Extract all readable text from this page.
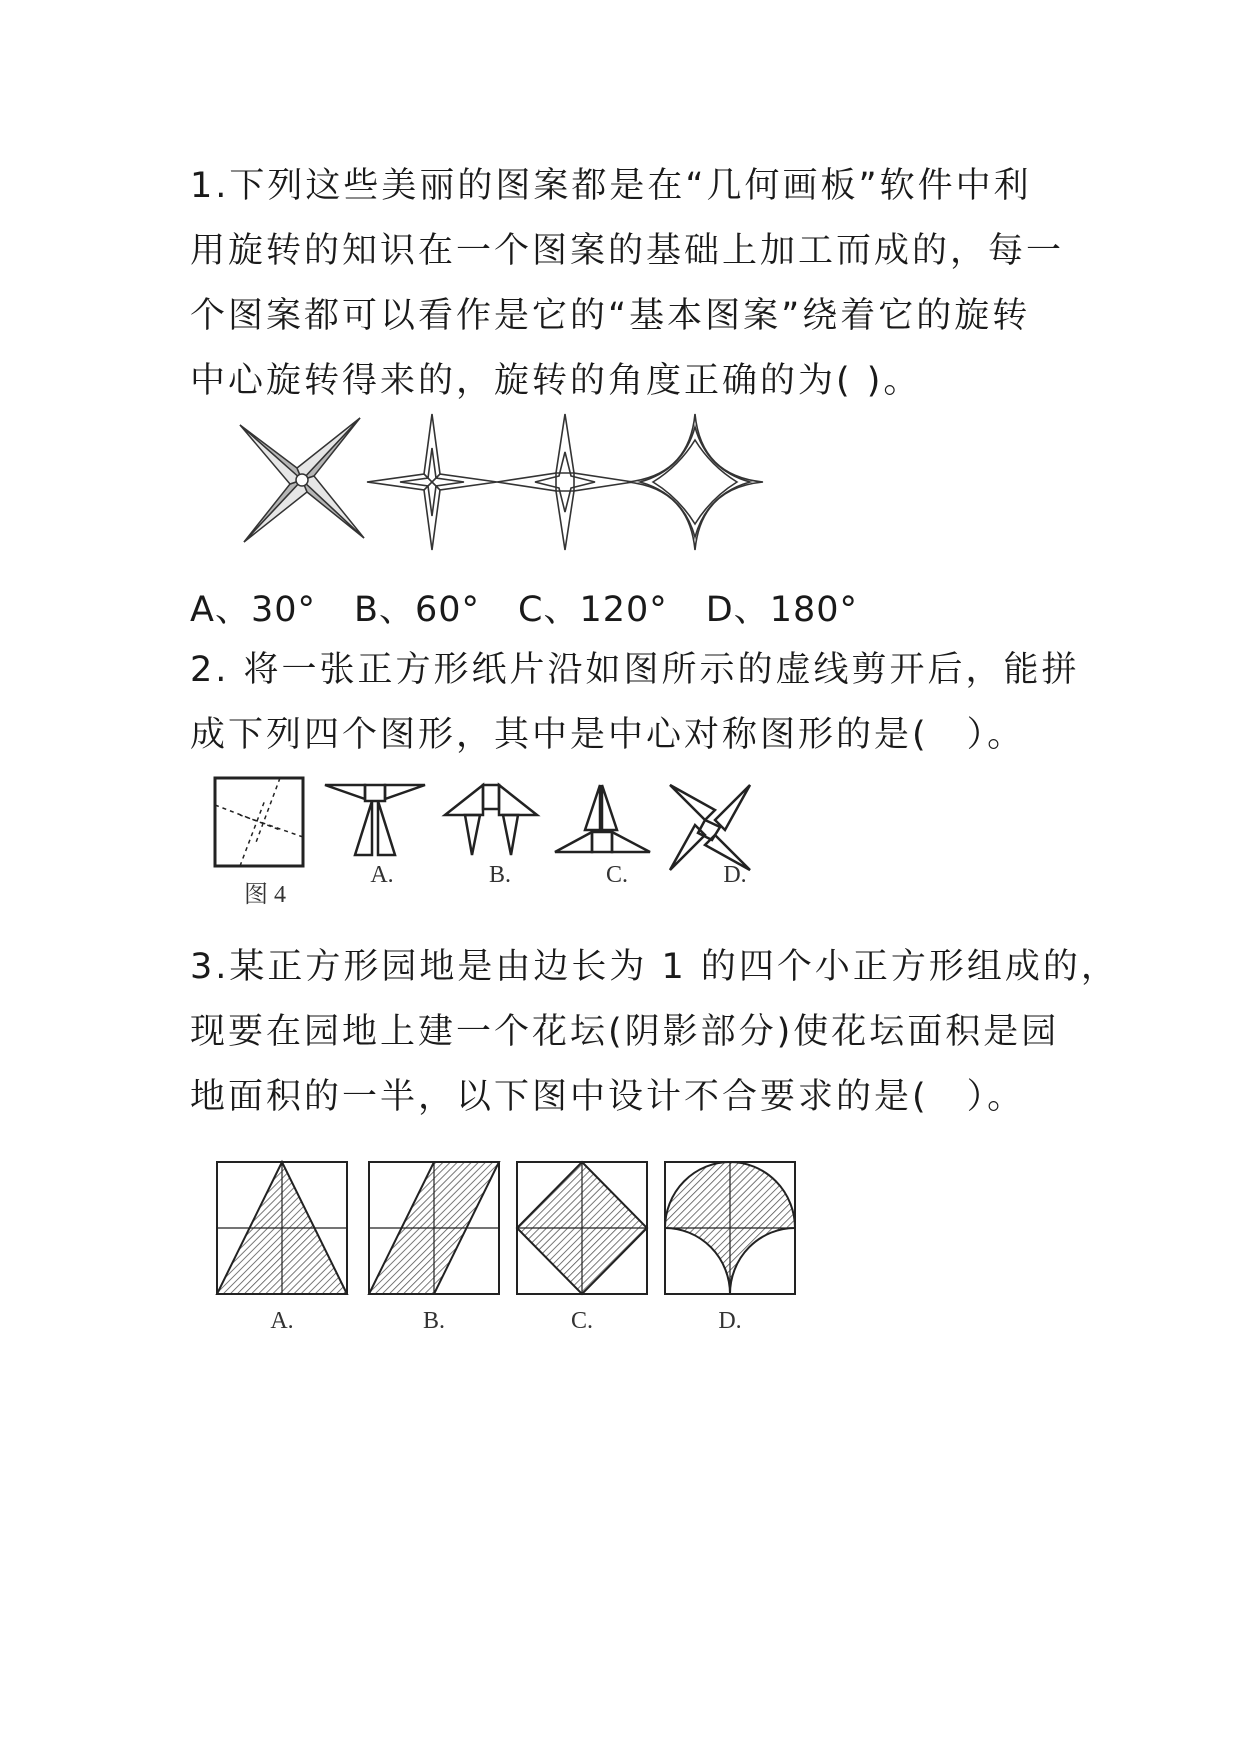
1.下列这些美丽的图案都是在“几何画板”软件中利
用旋转的知识在一个图案的基础上加工而成的，每一
个图案都可以看作是它的“基本图案”绕着它的旋转
中心旋转得来的，旋转的角度正确的为( )。
A、30° B、60° C、120° D、180°
2. 将一张正方形纸片沿如图所示的虚线剪开后，能拼
成下列四个图形，其中是中心对称图形的是(　）。
图 4
A.	B.	C.	D.
3.某正方形园地是由边长为 1 的四个小正方形组成的，
现要在园地上建一个花坛(阴影部分)使花坛面积是园
地面积的一半，以下图中设计不合要求的是(　）。
A.	B.	C.	D.
